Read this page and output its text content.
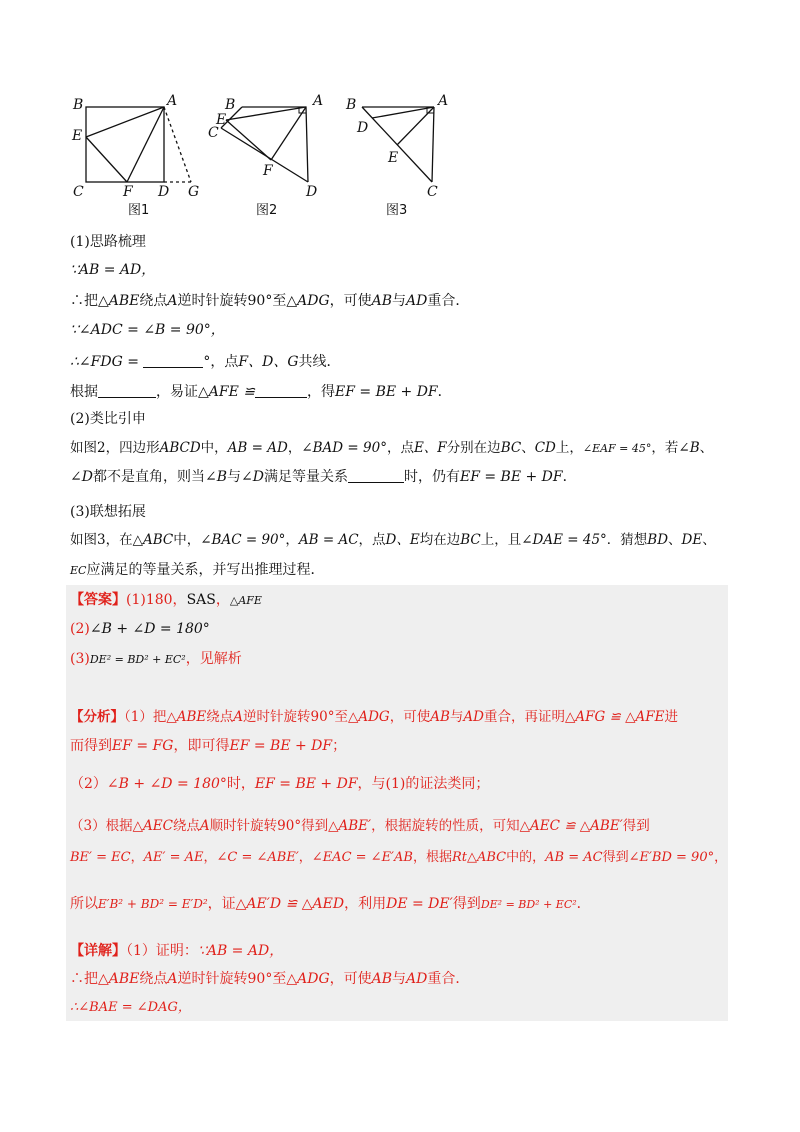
B	A
E
C	F D G
图1
B	A
E
C
F
D
图2
B	A
D
E
C
图3
(1)思路梳理
∵AB = AD，
∴把△ABE绕点A逆时针旋转90°至△ADG，可使AB与AD重合．
∵∠ADC = ∠B = 90°，
∴∠FDG =	°，点F、D、G共线．
根据	，易证△AFE ≌	，得EF = BE + DF．
(2)类比引申
如图2，四边形ABCD中，AB = AD，∠BAD = 90°，点E、F分别在边BC、CD上，∠EAF = 45°，若∠B、
∠D都不是直角，则当∠B与∠D满足等量关系	时，仍有EF = BE + DF．
(3)联想拓展
如图3，在△ABC中，∠BAC = 90°，AB = AC，点D、E均在边BC上，且∠DAE = 45°．猜想BD、DE、
EC应满足的等量关系，并写出推理过程．
【答案】(1)180，SAS，△AFE
(2)∠B + ∠D = 180°
(3)DE² = BD² + EC²，见解析
【分析】（1）把△ABE绕点A逆时针旋转90°至△ADG，可使AB与AD重合，再证明△AFG ≌ △AFE进
而得到EF = FG，即可得EF = BE + DF；
（2）∠B + ∠D = 180°时，EF = BE + DF，与(1)的证法类同；
（3）根据△AEC绕点A顺时针旋转90°得到△ABE′，根据旋转的性质，可知△AEC ≌ △ABE′得到
BE′ = EC，AE′ = AE，∠C = ∠ABE′，∠EAC = ∠E′AB，根据Rt△ABC中的，AB = AC得到∠E′BD = 90°，
所以E′B² + BD² = E′D²，证△AE′D ≌ △AED，利用DE = DE′得到DE² = BD² + EC²．
【详解】（1）证明：∵AB = AD，
∴把△ABE绕点A逆时针旋转90°至△ADG，可使AB与AD重合．
∴∠BAE = ∠DAG，
